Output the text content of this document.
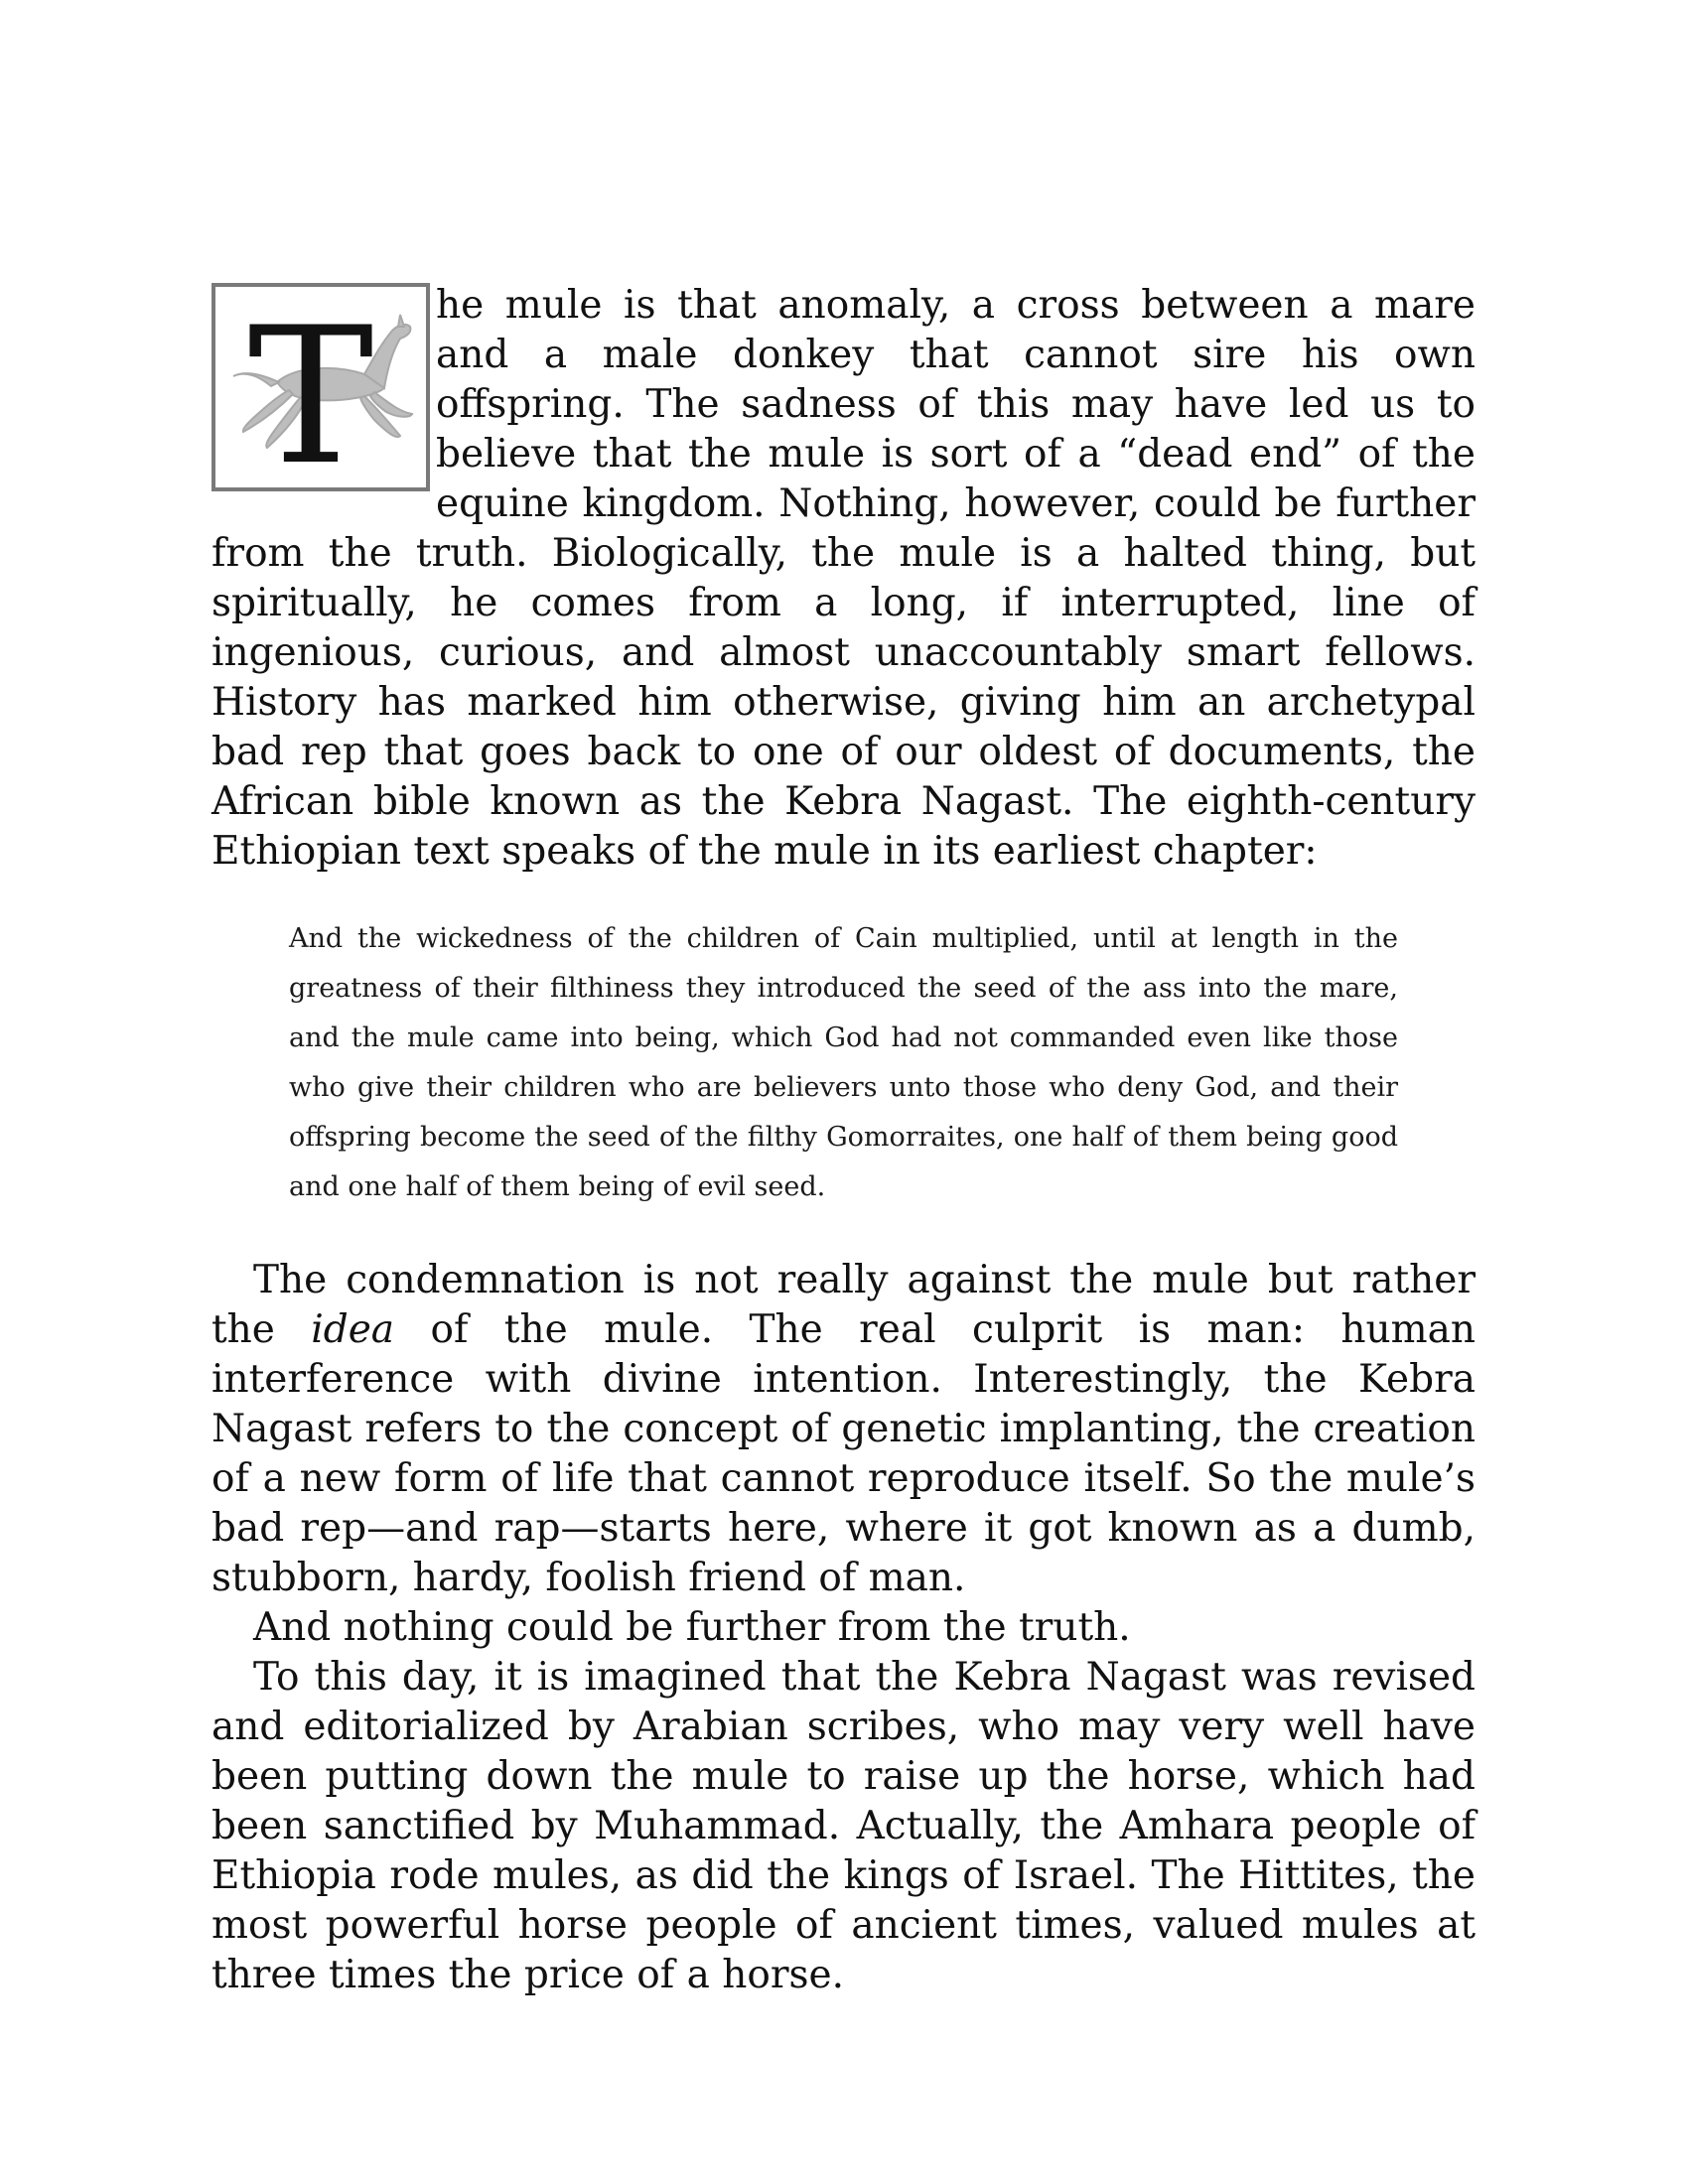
T he mule is that anomaly, a cross between a mare and a male donkey that cannot sire his own offspring. The sadness of this may have led us to believe that the mule is sort of a “dead end” of the equine kingdom. Nothing, however, could be further from the truth. Biologically, the mule is a halted thing, but spiritually, he comes from a long, if interrupted, line of ingenious, curious, and almost unaccountably smart fellows. History has marked him otherwise, giving him an archetypal bad rep that goes back to one of our oldest of documents, the African bible known as the Kebra Nagast. The eighth-century Ethiopian text speaks of the mule in its earliest chapter:

And the wickedness of the children of Cain multiplied, until at length in the greatness of their filthiness they introduced the seed of the ass into the mare, and the mule came into being, which God had not commanded even like those who give their children who are believers unto those who deny God, and their offspring become the seed of the filthy Gomorraites, one half of them being good and one half of them being of evil seed.

The condemnation is not really against the mule but rather the idea of the mule. The real culprit is man: human interference with divine intention. Interestingly, the Kebra Nagast refers to the concept of genetic implanting, the creation of a new form of life that cannot reproduce itself. So the mule’s bad rep—and rap—starts here, where it got known as a dumb, stubborn, hardy, foolish friend of man.

And nothing could be further from the truth.

To this day, it is imagined that the Kebra Nagast was revised and editorialized by Arabian scribes, who may very well have been putting down the mule to raise up the horse, which had been sanctified by Muhammad. Actually, the Amhara people of Ethiopia rode mules, as did the kings of Israel. The Hittites, the most powerful horse people of ancient times, valued mules at three times the price of a horse.
